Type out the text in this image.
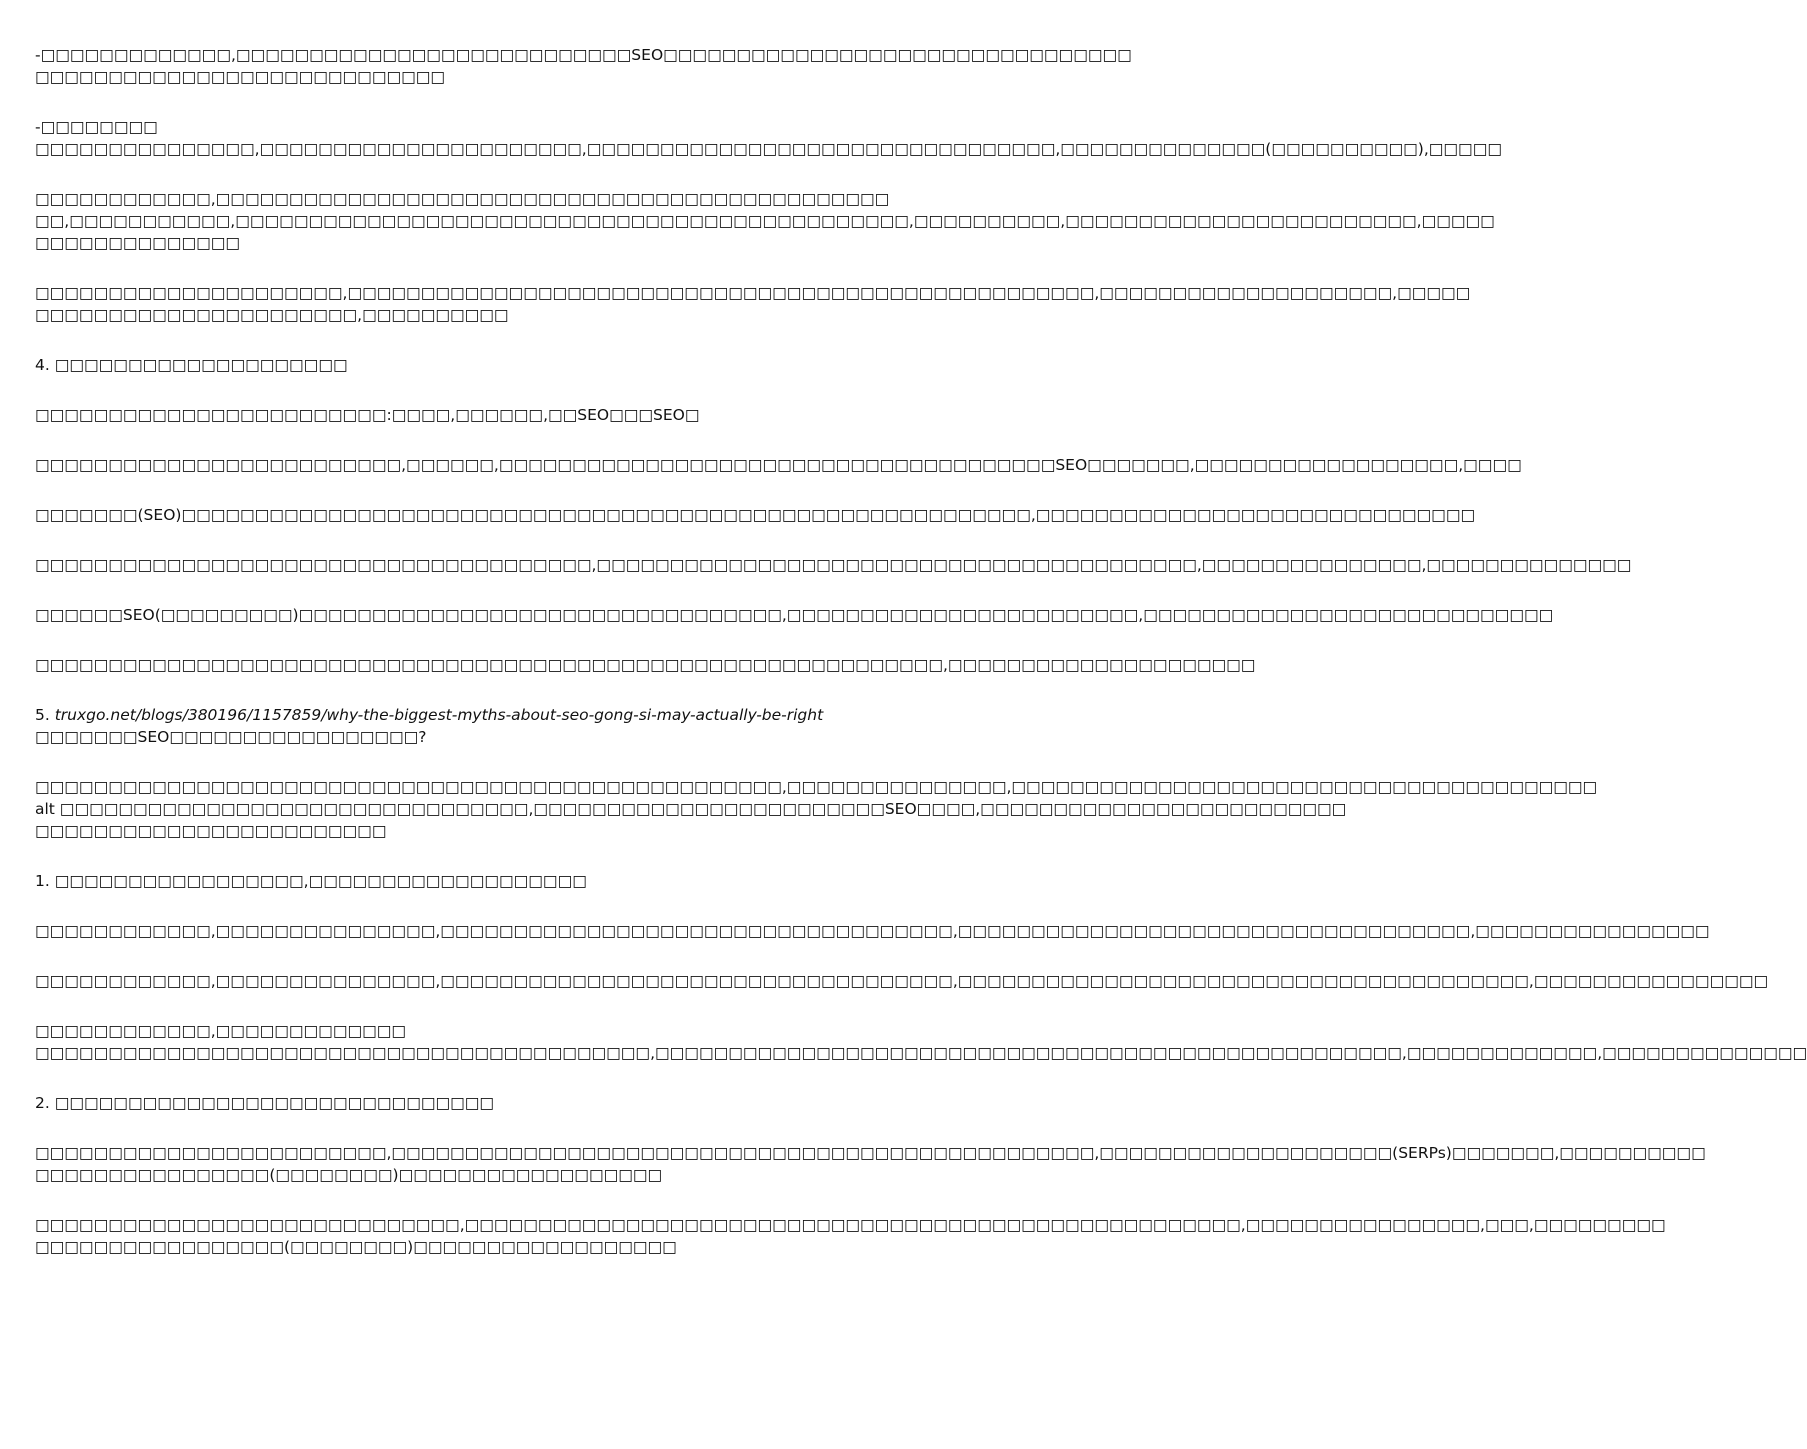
-□□□□□□□□□□□□□,□□□□□□□□□□□□□□□□□□□□□□□□□□□SEO□□□□□□□□□□□□□□□□□□□□□□□□□□□□□□□□
□□□□□□□□□□□□□□□□□□□□□□□□□□□□
-□□□□□□□□
□□□□□□□□□□□□□□□,□□□□□□□□□□□□□□□□□□□□□□,□□□□□□□□□□□□□□□□□□□□□□□□□□□□□□□□,□□□□□□□□□□□□□□(□□□□□□□□□□),□□□□□
□□□□□□□□□□□□,□□□□□□□□□□□□□□□□□□□□□□□□□□□□□□□□□□□□□□□□□□□□□□
□□,□□□□□□□□□□□,□□□□□□□□□□□□□□□□□□□□□□□□□□□□□□□□□□□□□□□□□□□□□□,□□□□□□□□□□,□□□□□□□□□□□□□□□□□□□□□□□□,□□□□□
□□□□□□□□□□□□□□
□□□□□□□□□□□□□□□□□□□□□,□□□□□□□□□□□□□□□□□□□□□□□□□□□□□□□□□□□□□□□□□□□□□□□□□□□,□□□□□□□□□□□□□□□□□□□□,□□□□□
□□□□□□□□□□□□□□□□□□□□□□,□□□□□□□□□□
4. □□□□□□□□□□□□□□□□□□□□
□□□□□□□□□□□□□□□□□□□□□□□□:□□□□,□□□□□□,□□SEO□□□SEO□
□□□□□□□□□□□□□□□□□□□□□□□□□,□□□□□□,□□□□□□□□□□□□□□□□□□□□□□□□□□□□□□□□□□□□□□SEO□□□□□□□,□□□□□□□□□□□□□□□□□□,□□□□
□□□□□□□(SEO)□□□□□□□□□□□□□□□□□□□□□□□□□□□□□□□□□□□□□□□□□□□□□□□□□□□□□□□□□□,□□□□□□□□□□□□□□□□□□□□□□□□□□□□□□
□□□□□□□□□□□□□□□□□□□□□□□□□□□□□□□□□□□□□□,□□□□□□□□□□□□□□□□□□□□□□□□□□□□□□□□□□□□□□□□□,□□□□□□□□□□□□□□□,□□□□□□□□□□□□□□
□□□□□□SEO(□□□□□□□□□)□□□□□□□□□□□□□□□□□□□□□□□□□□□□□□□□□,□□□□□□□□□□□□□□□□□□□□□□□□,□□□□□□□□□□□□□□□□□□□□□□□□□□□□
□□□□□□□□□□□□□□□□□□□□□□□□□□□□□□□□□□□□□□□□□□□□□□□□□□□□□□□□□□□□□□,□□□□□□□□□□□□□□□□□□□□□
5. truxgo.net/blogs/380196/1157859/why-the-biggest-myths-about-seo-gong-si-may-actually-be-right
□□□□□□□SEO□□□□□□□□□□□□□□□□□?
□□□□□□□□□□□□□□□□□□□□□□□□□□□□□□□□□□□□□□□□□□□□□□□□□□□,□□□□□□□□□□□□□□□,□□□□□□□□□□□□□□□□□□□□□□□□□□□□□□□□□□□□□□□□
alt □□□□□□□□□□□□□□□□□□□□□□□□□□□□□□□□,□□□□□□□□□□□□□□□□□□□□□□□□SEO□□□□,□□□□□□□□□□□□□□□□□□□□□□□□□
□□□□□□□□□□□□□□□□□□□□□□□□
1. □□□□□□□□□□□□□□□□□,□□□□□□□□□□□□□□□□□□□
□□□□□□□□□□□□,□□□□□□□□□□□□□□□,□□□□□□□□□□□□□□□□□□□□□□□□□□□□□□□□□□□,□□□□□□□□□□□□□□□□□□□□□□□□□□□□□□□□□□□,□□□□□□□□□□□□□□□□
□□□□□□□□□□□□,□□□□□□□□□□□□□□□,□□□□□□□□□□□□□□□□□□□□□□□□□□□□□□□□□□□,□□□□□□□□□□□□□□□□□□□□□□□□□□□□□□□□□□□□□□□,□□□□□□□□□□□□□□□□
□□□□□□□□□□□□,□□□□□□□□□□□□□
□□□□□□□□□□□□□□□□□□□□□□□□□□□□□□□□□□□□□□□□□□,□□□□□□□□□□□□□□□□□□□□□□□□□□□□□□□□□□□□□□□□□□□□□□□□□□□,□□□□□□□□□□□□□,□□□□□□□□□□□□□□
2. □□□□□□□□□□□□□□□□□□□□□□□□□□□□□□
□□□□□□□□□□□□□□□□□□□□□□□□,□□□□□□□□□□□□□□□□□□□□□□□□□□□□□□□□□□□□□□□□□□□□□□□□,□□□□□□□□□□□□□□□□□□□□(SERPs)□□□□□□□,□□□□□□□□□□
□□□□□□□□□□□□□□□□(□□□□□□□□)□□□□□□□□□□□□□□□□□□
□□□□□□□□□□□□□□□□□□□□□□□□□□□□□,□□□□□□□□□□□□□□□□□□□□□□□□□□□□□□□□□□□□□□□□□□□□□□□□□□□□□,□□□□□□□□□□□□□□□□,□□□,□□□□□□□□□
□□□□□□□□□□□□□□□□□(□□□□□□□□)□□□□□□□□□□□□□□□□□□
